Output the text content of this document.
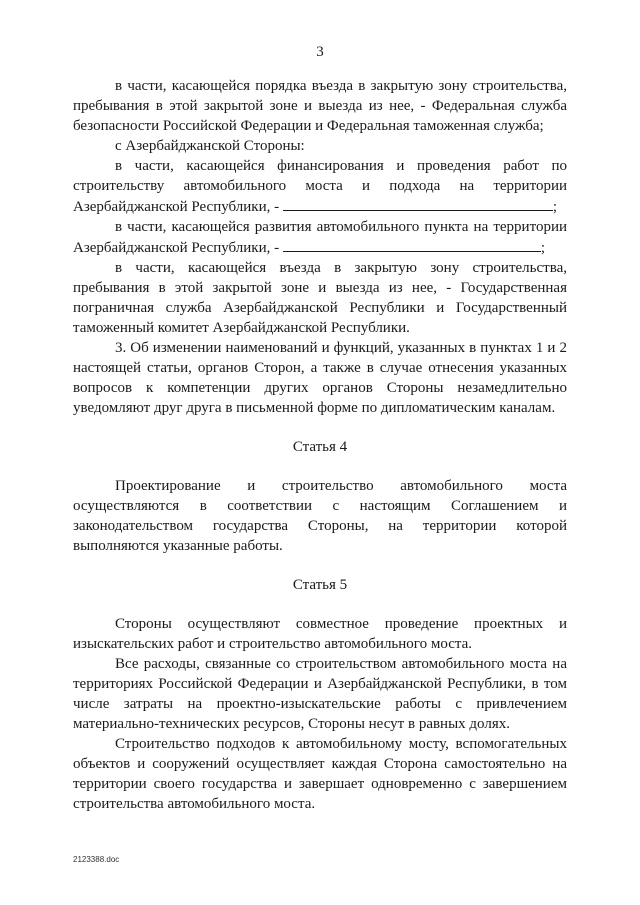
3

в части, касающейся порядка въезда в закрытую зону строительства, пребывания в этой закрытой зоне и выезда из нее, - Федеральная служба безопасности Российской Федерации и Федеральная таможенная служба;

с Азербайджанской Стороны:

в части, касающейся финансирования и проведения работ по строительству автомобильного моста и подхода на территории Азербайджанской Республики, -	;

в части, касающейся развития автомобильного пункта на территории Азербайджанской Республики, -	;

в части, касающейся въезда в закрытую зону строительства, пребывания в этой закрытой зоне и выезда из нее, - Государственная пограничная служба Азербайджанской Республики и Государственный таможенный комитет Азербайджанской Республики.

3. Об изменении наименований и функций, указанных в пунктах 1 и 2 настоящей статьи, органов Сторон, а также в случае отнесения указанных вопросов к компетенции других органов Стороны незамедлительно уведомляют друг друга в письменной форме по дипломатическим каналам.

Статья 4

Проектирование и строительство автомобильного моста осуществляются в соответствии с настоящим Соглашением и законодательством государства Стороны, на территории которой выполняются указанные работы.

Статья 5

Стороны осуществляют совместное проведение проектных и изыскательских работ и строительство автомобильного моста.

Все расходы, связанные со строительством автомобильного моста на территориях Российской Федерации и Азербайджанской Республики, в том числе затраты на проектно-изыскательские работы с привлечением материально-технических ресурсов, Стороны несут в равных долях.

Строительство подходов к автомобильному мосту, вспомогательных объектов и сооружений осуществляет каждая Сторона самостоятельно на территории своего государства и завершает одновременно с завершением строительства автомобильного моста.

2123388.doc
